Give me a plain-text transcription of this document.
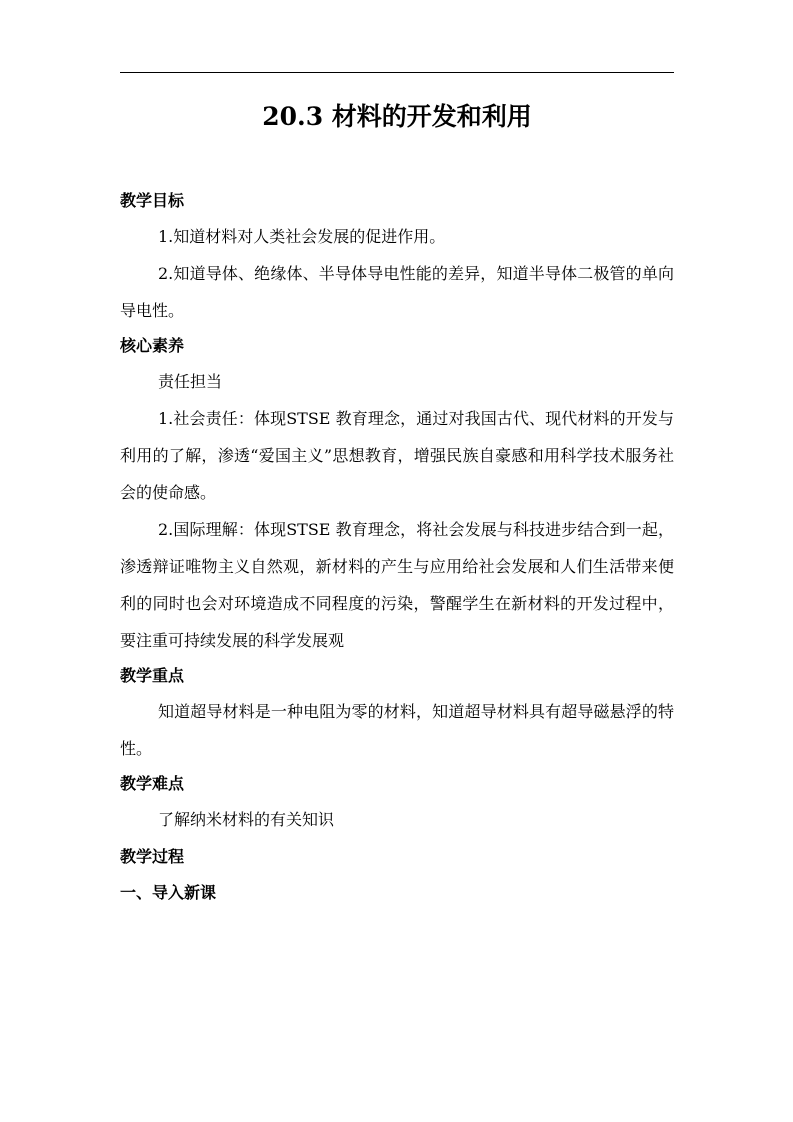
20.3 材料的开发和利用

教学目标

1.知道材料对人类社会发展的促进作用。

2.知道导体、绝缘体、半导体导电性能的差异，知道半导体二极管的单向导电性。

核心素养

责任担当

1.社会责任：体现STSE 教育理念，通过对我国古代、现代材料的开发与利用的了解，渗透“爱国主义”思想教育，增强民族自豪感和用科学技术服务社会的使命感。

2.国际理解：体现STSE 教育理念，将社会发展与科技进步结合到一起，渗透辩证唯物主义自然观，新材料的产生与应用给社会发展和人们生活带来便利的同时也会对环境造成不同程度的污染，警醒学生在新材料的开发过程中，要注重可持续发展的科学发展观

教学重点

知道超导材料是一种电阻为零的材料，知道超导材料具有超导磁悬浮的特性。

教学难点

了解纳米材料的有关知识

教学过程

一、导入新课
